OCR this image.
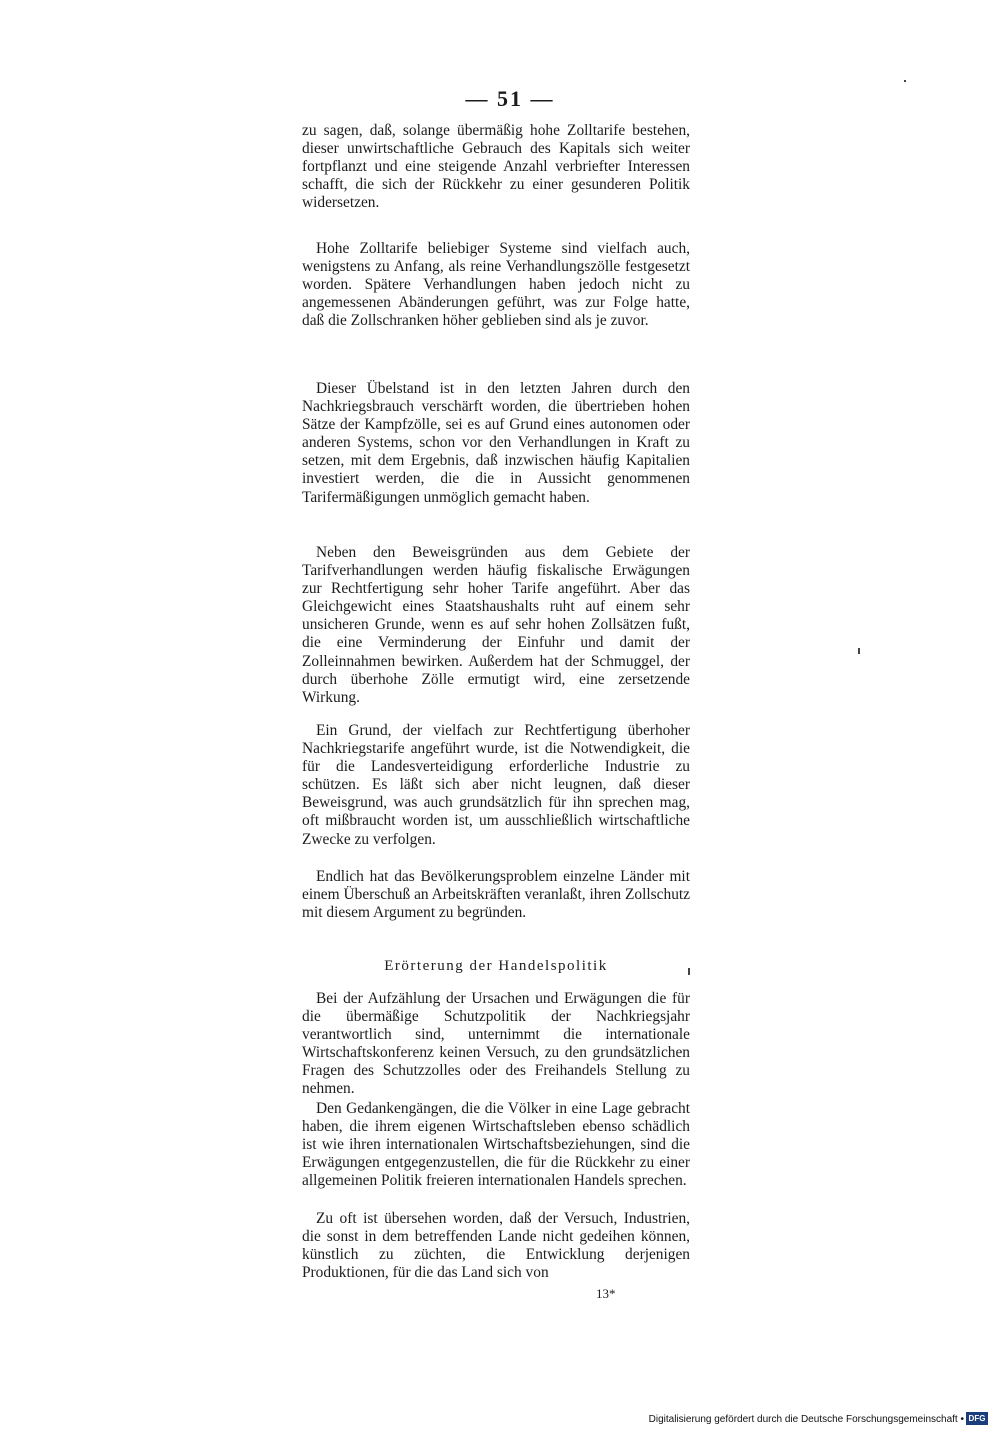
— 51 —
zu sagen, daß, solange übermäßig hohe Zolltarife bestehen, dieser unwirtschaftliche Gebrauch des Kapitals sich weiter fortpflanzt und eine steigende Anzahl verbriefter Interessen schafft, die sich der Rückkehr zu einer gesunderen Politik widersetzen.
Hohe Zolltarife beliebiger Systeme sind vielfach auch, wenigstens zu Anfang, als reine Verhandlungszölle festgesetzt worden. Spätere Verhandlungen haben jedoch nicht zu angemessenen Abänderungen geführt, was zur Folge hatte, daß die Zollschranken höher geblieben sind als je zuvor.
Dieser Übelstand ist in den letzten Jahren durch den Nachkriegsbrauch verschärft worden, die übertrieben hohen Sätze der Kampfzölle, sei es auf Grund eines autonomen oder anderen Systems, schon vor den Verhandlungen in Kraft zu setzen, mit dem Ergebnis, daß inzwischen häufig Kapitalien investiert werden, die die in Aussicht genommenen Tarifermäßigungen unmöglich gemacht haben.
Neben den Beweisgründen aus dem Gebiete der Tarifverhandlungen werden häufig fiskalische Erwägungen zur Rechtfertigung sehr hoher Tarife angeführt. Aber das Gleichgewicht eines Staatshaushalts ruht auf einem sehr unsicheren Grunde, wenn es auf sehr hohen Zollsätzen fußt, die eine Verminderung der Einfuhr und damit der Zolleinnahmen bewirken. Außerdem hat der Schmuggel, der durch überhohe Zölle ermutigt wird, eine zersetzende Wirkung.
Ein Grund, der vielfach zur Rechtfertigung überhoher Nachkriegstarife angeführt wurde, ist die Notwendigkeit, die für die Landesverteidigung erforderliche Industrie zu schützen. Es läßt sich aber nicht leugnen, daß dieser Beweisgrund, was auch grundsätzlich für ihn sprechen mag, oft mißbraucht worden ist, um ausschließlich wirtschaftliche Zwecke zu verfolgen.
Endlich hat das Bevölkerungsproblem einzelne Länder mit einem Überschuß an Arbeitskräften veranlaßt, ihren Zollschutz mit diesem Argument zu begründen.
Erörterung der Handelspolitik
Bei der Aufzählung der Ursachen und Erwägungen die für die übermäßige Schutzpolitik der Nachkriegsjahr verantwortlich sind, unternimmt die internationale Wirtschaftskonferenz keinen Versuch, zu den grundsätzlichen Fragen des Schutzzolles oder des Freihandels Stellung zu nehmen.
Den Gedankengängen, die die Völker in eine Lage gebracht haben, die ihrem eigenen Wirtschaftsleben ebenso schädlich ist wie ihren internationalen Wirtschaftsbeziehungen, sind die Erwägungen entgegenzustellen, die für die Rückkehr zu einer allgemeinen Politik freieren internationalen Handels sprechen.
Zu oft ist übersehen worden, daß der Versuch, Industrien, die sonst in dem betreffenden Lande nicht gedeihen können, künstlich zu züchten, die Entwicklung derjenigen Produktionen, für die das Land sich von
13*
Digitalisierung gefördert durch die Deutsche Forschungsgemeinschaft • DFG
